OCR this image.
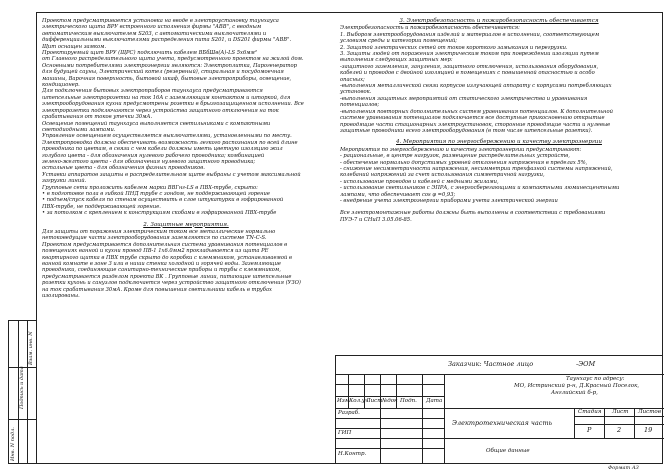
Инв. N подл.
Подпись и дата
Взам. инв. N

Проектом предусматривается установка на вводе в электроустановку таунхауса

электрического щита ВРУ встроенного исполнения фирмы "АВВ", с вводным

автоматическим выключателем S203, с автоматическими выключателями и

дифференциальными выключателями распределения пита S201, и DS201 фирмы "АВВ".

Щит оснащен замком.

Проектируемый щит ВРУ (ЩРС) подключить кабелем ВБбШв(А)-LS 5х6мм²

от Главного распределительного щита учета, предусмотренного проектом на жилой дом.

Основными потребителями электроэнергии являются: Электроплиткa, Парогенератор

для будущей сауны, Электрический котел (резервный), стиральная и посудомоечная

машины, Варочная поверхность, бытовой шкаф, бытовые электроприборы, освещение,

кондиционер.

Для подключения бытовых электроприборов таунхауса предусматриваются

штепсельные электророзетки на ток 16А с заземляющим контактом и шторкой, для

электрооборудования кухни предусмотрены розетки в брызгозащищенном исполнении. Все

электророзетки подключаются через устройства защитного отключения на ток

срабатывания от токов утечки 30мА.

Освещение помещений таунхауса выполняется светильниками с компактными

светодиодными лампами.

Управление освещением осуществляется выключателями, установленными по месту.

Электропроводка должна обеспечивать возможность легкого распознания по всей длине

проводника по цветам, в связи с чем кабели должны иметь цветную изоляцию жил

голубого цвета - для обозначения нулевого рабочего проводника; комбинацией

зелено-желтого цвета - для обозначения нулевого защитного проводника;

остальные цвета - для обозначения фазных проводников.

Уставки аппаратов защиты в распределительном щите выбраны с учетом максимальной

загрузки линий.

Групповые сети проложить кабелем марки ВВГнг-LS в ПВХ-трубе, скрыто:

• в подготовке пола в гибкой ПНД трубе с зондом, не поддерживающей горение

• подъем/спуск кабеля по стенам осуществить в слое штукатурки в гофрированной

ПВХ-трубе, не поддерживающей горение.

• за потолком с креплением к конструкциям скобами в гофрированной ПВХ-трубе

2. Защитные мероприятия.

Для защиты от поражения электрическим током все металлические нормально

нетоковедущие части электрооборудования заземляются по системе TN-C-S.

Проектом предусматривается дополнительная система уравнивания потенциалов в

помещениях ванной и кухни провод ПВ-1 1х6.0мм2 прокладывается из щита PE

квартирного щитка в ПВХ трубе скрыто до коробки с клеммником, устанавливаемой в

ванной комнате в зоне 3 или в ниши стенка холодной и горячей воды. Заземляющие

проводники, соединяющие санитарно-технические приборы и трубы с клеммником,

предусматривается разделом проекта ВК . Групповые линии, питающие штепсельные

розетки кухонь и санузлов подключается через устройство защитного отключения (УЗО)

на ток срабатывания 30мА. Кроме для повышения светильники кабель в трубах

изолированы.

3. Электробезопасность и пожаробезопасность обеспечивается

Электробезопасность и пожаробезопасность обеспечивается:

1. Выбором электрооборудования изделий и материалов в исполнении, соответствующем

условиям среды и категории помещений;

2. Защитой электрических сетей от токов короткого замыкания и перегрузки.

3. Защиты людей от поражения электрическим током при повреждении изоляции путем

выполнения следующих защитных мер:

-защитного заземления, зануления, защитного отключения, использования оборудования,

кабелей и проводов с двойной изоляцией в помещениях с повышенной опасностью и особо

опасных;

-выполнения металлической связи корпусов излучающей аппарату с корпусами потребляющих

установок.

-выполнения защитных мероприятий от статического электричества и уравнивания

потенциалов;

-выполнения повторных дополнительных систем уравнивания потенциалов. К дополнительной

системе уравнивания потенциалов подключается все доступные прикосновению открытые

проводящие части стационарных электроустановок, сторонние проводящие части и нулевые

защитные проводники всего электрооборудования (в том числе штепсельные розетки).

4. Мероприятия по энергосбережению и качеству электроэнергии

Мероприятия по энергосбережению и качеству электроэнергии предусматривают:

- рациональные, в центре нагрузок, размещение распределительных устройств,

- обеспечение нормально допустимых уровней отклонения напряжения в пределах 5%,

- снижение несимметричности напряжения, несимметрии трехфазной системы напряжений,

колебаний напряжений за счет использования симметричной нагрузки,

- использование проводов и кабелей с медными жилами,

- использование светильников с ЭПРА, с энергосберегающими и компактными люминесцентными

лампами, что обеспечивает cos φ =0,93;

- внедрение учета электроэнергии приборами учета электрической энергии

Все электромонтажные работы должны быть выполнены в соответствии с требованиями

ПУЭ-7 и СНиП 3.05.06-85.

Заказчик: Частное лицо	-ЭОМ
Таунхаус по адресу:
МО, Истринский р-н, Д.Красный Поселок,
Английский б-р,
Изм Кол.уч
Лист №док Подп. Дата
Разраб.
ГИП
Н.Контр.
Электротехническая часть
Общие данные
Стадия Лист Листов
Р	2	19
Формат А3
